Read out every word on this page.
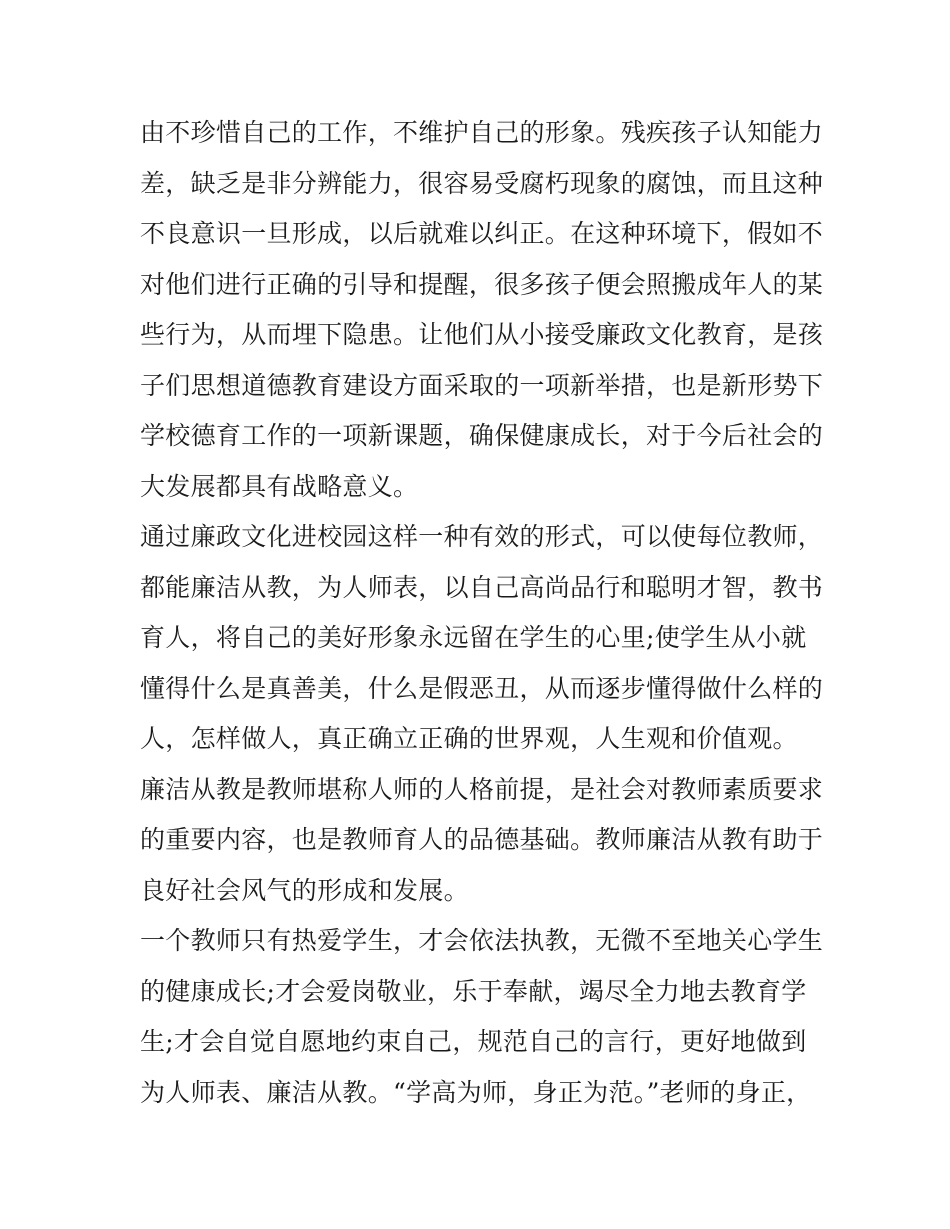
由不珍惜自己的工作，不维护自己的形象。残疾孩子认知能力
差，缺乏是非分辨能力，很容易受腐朽现象的腐蚀，而且这种
不良意识一旦形成，以后就难以纠正。在这种环境下，假如不
对他们进行正确的引导和提醒，很多孩子便会照搬成年人的某
些行为，从而埋下隐患。让他们从小接受廉政文化教育，是孩
子们思想道德教育建设方面采取的一项新举措，也是新形势下
学校德育工作的一项新课题，确保健康成长，对于今后社会的
大发展都具有战略意义。
通过廉政文化进校园这样一种有效的形式，可以使每位教师，
都能廉洁从教，为人师表，以自己高尚品行和聪明才智，教书
育人，将自己的美好形象永远留在学生的心里;使学生从小就
懂得什么是真善美，什么是假恶丑，从而逐步懂得做什么样的
人，怎样做人，真正确立正确的世界观，人生观和价值观。
廉洁从教是教师堪称人师的人格前提，是社会对教师素质要求
的重要内容，也是教师育人的品德基础。教师廉洁从教有助于
良好社会风气的形成和发展。
一个教师只有热爱学生，才会依法执教，无微不至地关心学生
的健康成长;才会爱岗敬业，乐于奉献，竭尽全力地去教育学
生;才会自觉自愿地约束自己，规范自己的言行，更好地做到
为人师表、廉洁从教。“学高为师，身正为范。”老师的身正，
